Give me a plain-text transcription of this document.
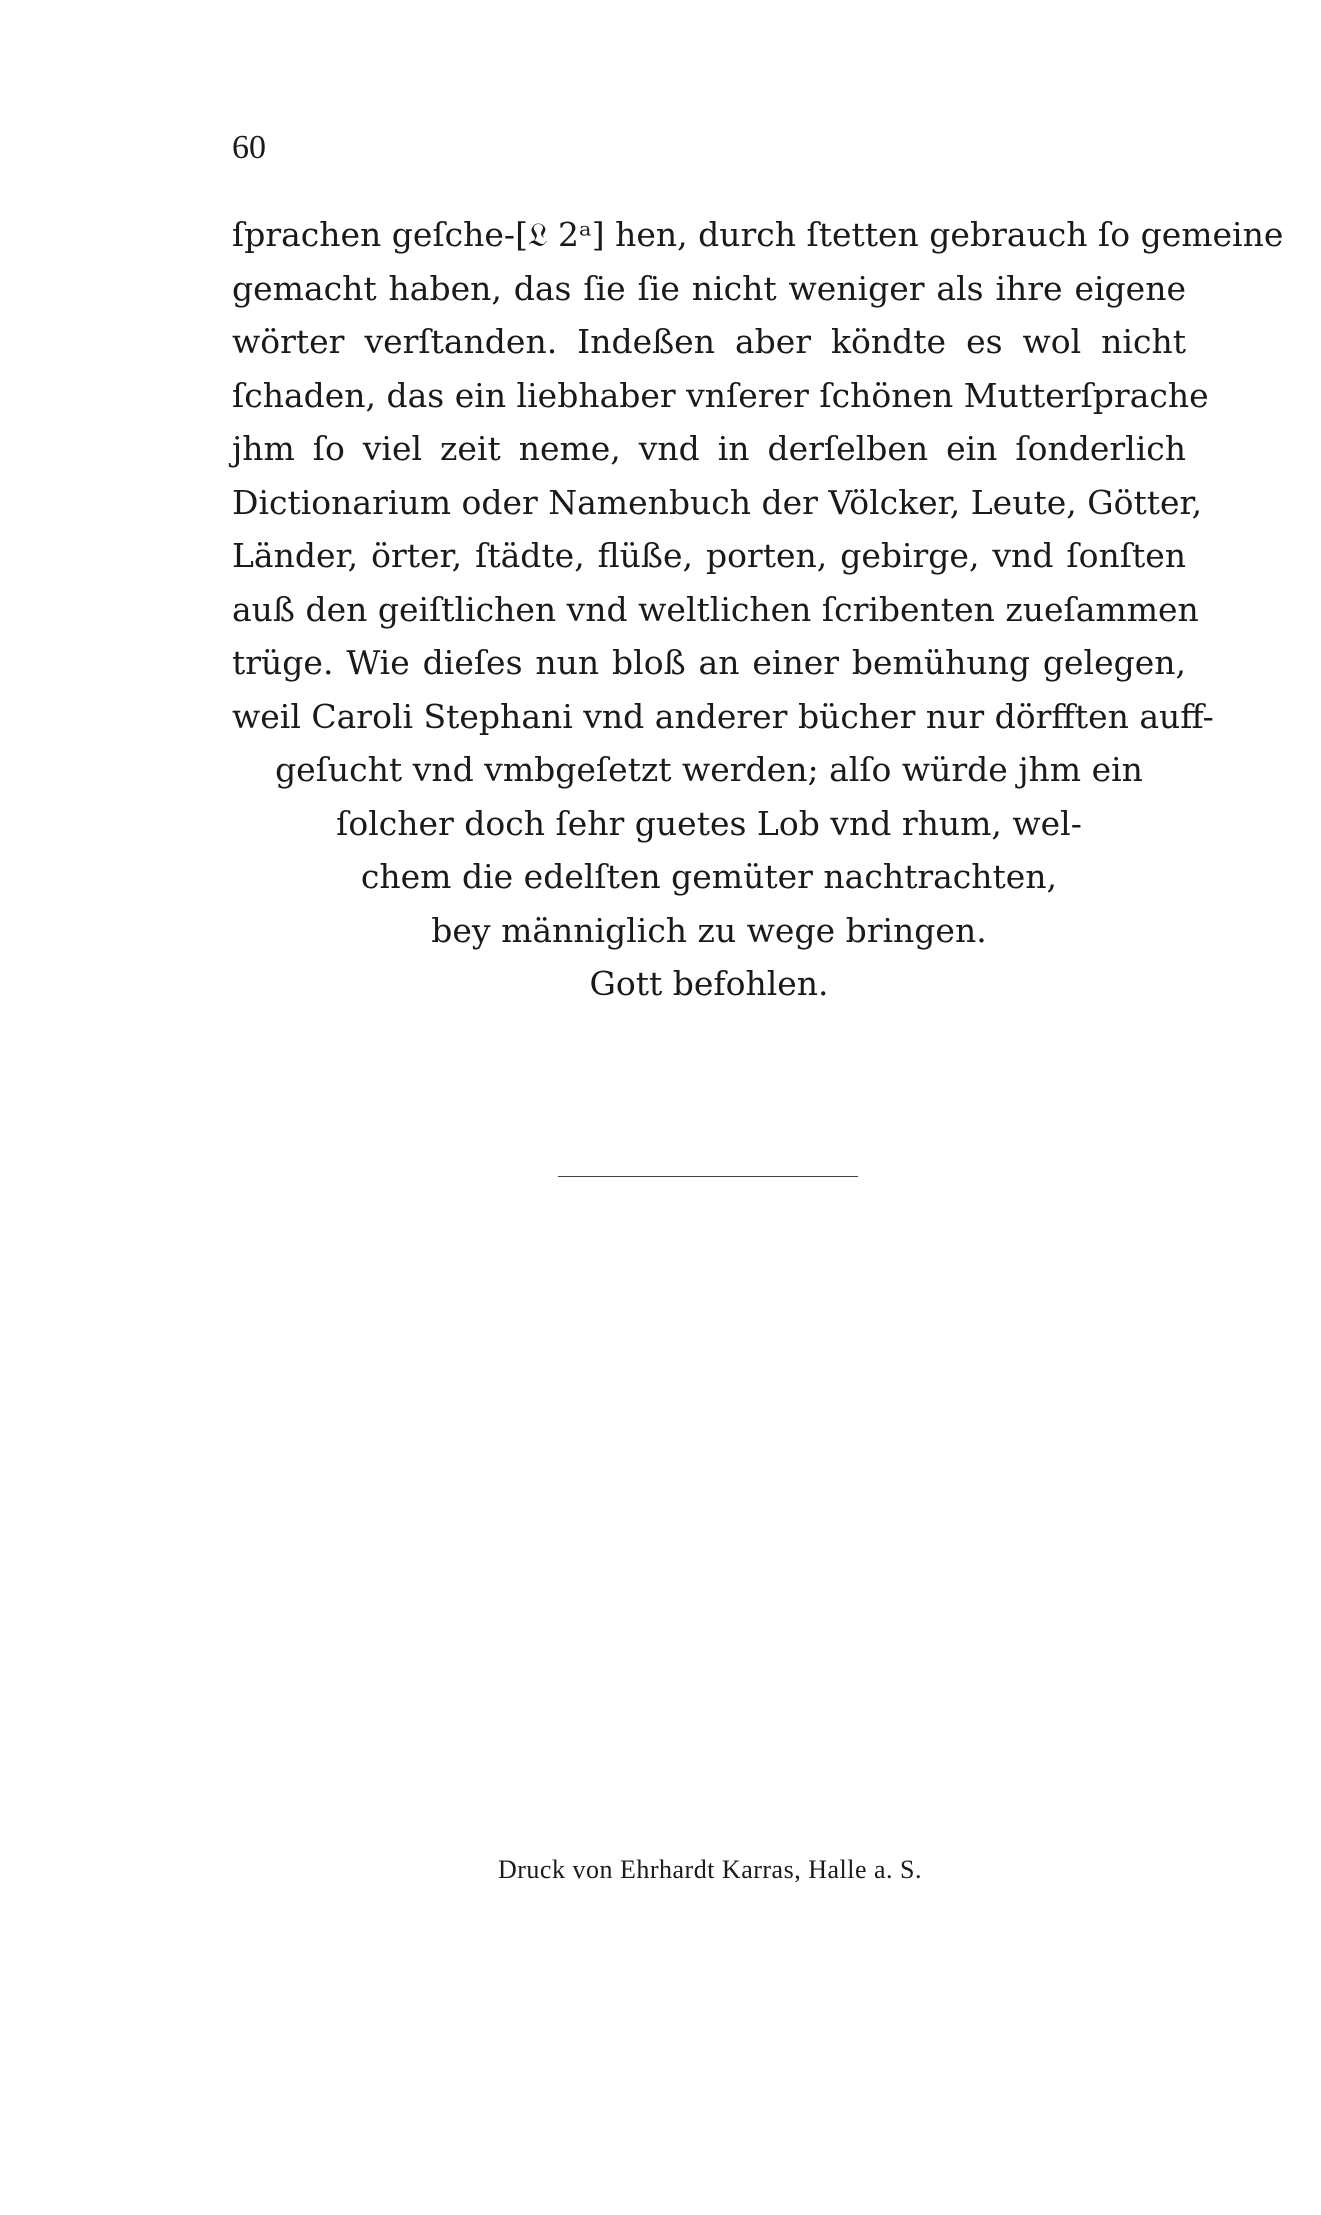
60
ſprachen geſche-[𝔏 2ᵃ] hen, durch ſtetten gebrauch ſo gemeine
gemacht haben, das ſie ſie nicht weniger als ihre eigene
wörter verſtanden. Indeßen aber köndte es wol nicht
ſchaden, das ein liebhaber vnſerer ſchönen Mutterſprache
jhm ſo viel zeit neme, vnd in derſelben ein ſonderlich
Dictionarium oder Namenbuch der Völcker, Leute, Götter,
Länder, örter, ſtädte, flüße, porten, gebirge, vnd ſonſten
auß den geiſtlichen vnd weltlichen ſcribenten zueſammen
trüge. Wie dieſes nun bloß an einer bemühung gelegen,
weil Caroli Stephani vnd anderer bücher nur dörfften auff-
geſucht vnd vmbgeſetzt werden; alſo würde jhm ein
ſolcher doch ſehr guetes Lob vnd rhum, wel-
chem die edelſten gemüter nachtrachten,
bey männiglich zu wege bringen.
Gott befohlen.
Druck von Ehrhardt Karras, Halle a. S.
